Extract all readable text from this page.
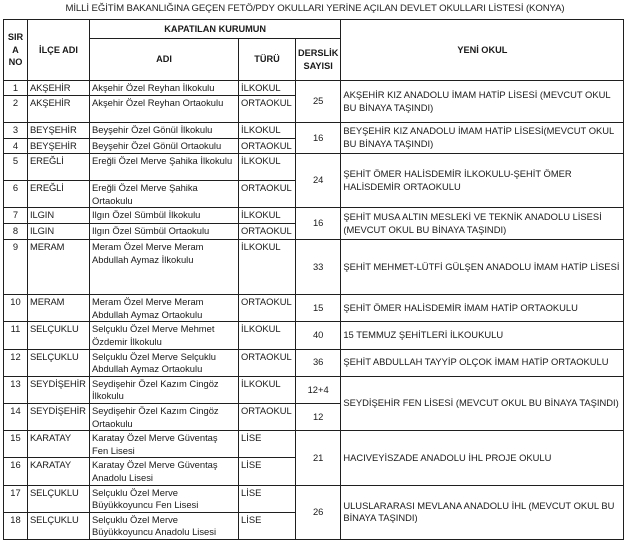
MİLLİ EĞİTİM BAKANLIĞINA GEÇEN FETÖ/PDY OKULLARI YERİNE AÇILAN DEVLET OKULLARI LİSTESİ (KONYA)
SIR
A
NO	İLÇE ADI	KAPATILAN KURUMUN			YENİ OKUL
		ADI	TÜRÜ	DERSLİK
SAYISI	

1	AKŞEHİR	Akşehir Özel Reyhan İlkokulu	İLKOKUL	25	AKŞEHİR KIZ ANADOLU İMAM HATİP LİSESİ (MEVCUT OKUL BU BİNAYA TAŞINDI)
2	AKŞEHİR	Akşehir Özel Reyhan Ortaokulu	ORTAOKUL		
3	BEYŞEHİR	Beyşehir Özel Gönül İlkokulu	İLKOKUL	16	BEYŞEHİR KIZ ANADOLU İMAM HATİP LİSESİ(MEVCUT OKUL BU BİNAYA TAŞINDI)
4	BEYŞEHİR	Beyşehir Özel Gönül Ortaokulu	ORTAOKUL		
5	EREĞLİ	Ereğli Özel Merve Şahika İlkokulu	İLKOKUL	24	ŞEHİT ÖMER HALİSDEMİR İLKOKULU-ŞEHİT ÖMER HALİSDEMİR ORTAOKULU
6	EREĞLİ	Ereğli Özel Merve Şahika Ortaokulu	ORTAOKUL		
7	ILGIN	Ilgın Özel Sümbül İlkokulu	İLKOKUL	16	ŞEHİT MUSA ALTIN MESLEKİ VE TEKNİK ANADOLU LİSESİ (MEVCUT OKUL BU BİNAYA TAŞINDI)
8	ILGIN	Ilgın Özel Sümbül Ortaokulu	ORTAOKUL		
9	MERAM	Meram Özel Merve Meram Abdullah Aymaz İlkokulu	İLKOKUL	33	ŞEHİT MEHMET-LÜTFİ GÜLŞEN ANADOLU İMAM HATİP LİSESİ
10	MERAM	Meram Özel Merve Meram Abdullah Aymaz Ortaokulu	ORTAOKUL	15	ŞEHİT ÖMER HALİSDEMİR İMAM HATİP ORTAOKULU
11	SELÇUKLU	Selçuklu Özel Merve Mehmet Özdemir İlkokulu	İLKOKUL	40	15 TEMMUZ ŞEHİTLERİ İLKOUKULU
12	SELÇUKLU	Selçuklu Özel Merve Selçuklu Abdullah Aymaz Ortaokulu	ORTAOKUL	36	ŞEHİT ABDULLAH TAYYİP OLÇOK İMAM HATİP ORTAOKULU
13	SEYDİŞEHİR	Seydişehir Özel Kazım Cingöz İlkokulu	İLKOKUL	12+4	SEYDİŞEHİR FEN LİSESİ (MEVCUT OKUL BU BİNAYA TAŞINDI)
14	SEYDİŞEHİR	Seydişehir Özel Kazım Cingöz Ortaokulu	ORTAOKUL	12	
15	KARATAY	Karatay Özel Merve Güventaş Fen Lisesi	LİSE	21	HACIVEYİSZADE ANADOLU İHL PROJE OKULU
16	KARATAY	Karatay Özel Merve Güventaş Anadolu Lisesi	LİSE		
17	SELÇUKLU	Selçuklu Özel Merve Büyükkoyuncu Fen Lisesi	LİSE	26	ULUSLARARASI MEVLANA ANADOLU İHL (MEVCUT OKUL BU BİNAYA TAŞINDI)
18	SELÇUKLU	Selçuklu Özel Merve Büyükkoyuncu Anadolu Lisesi	LİSE		
